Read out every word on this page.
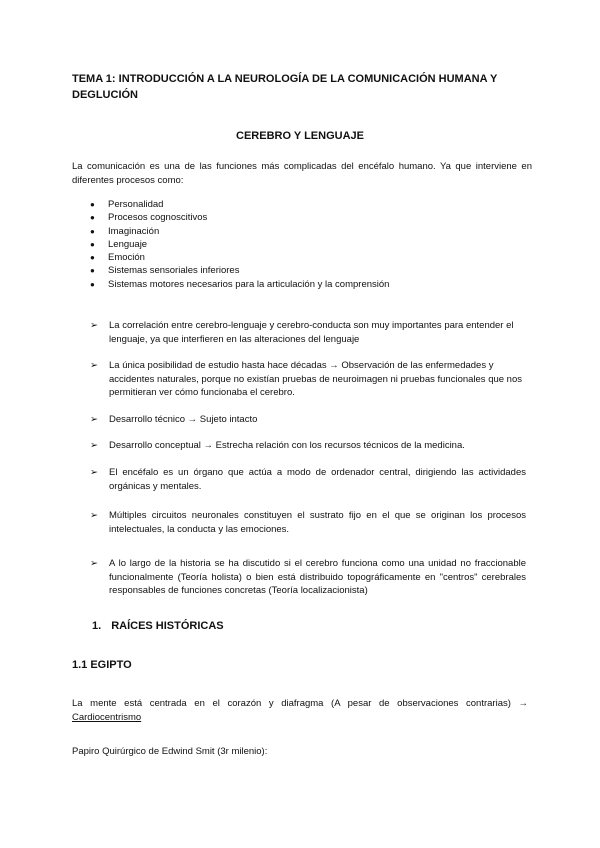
TEMA 1: INTRODUCCIÓN A LA NEUROLOGÍA DE LA COMUNICACIÓN HUMANA Y DEGLUCIÓN
CEREBRO Y LENGUAJE
La comunicación es una de las funciones más complicadas del encéfalo humano. Ya que interviene en diferentes procesos como:
● Personalidad
● Procesos cognoscitivos
● Imaginación
● Lenguaje
● Emoción
● Sistemas sensoriales inferiores
● Sistemas motores necesarios para la articulación y la comprensión
➢ La correlación entre cerebro-lenguaje y cerebro-conducta son muy importantes para entender el lenguaje, ya que interfieren en las alteraciones del lenguaje
➢ La única posibilidad de estudio hasta hace décadas → Observación de las enfermedades y accidentes naturales, porque no existían pruebas de neuroimagen ni pruebas funcionales que nos permitieran ver cómo funcionaba el cerebro.
➢ Desarrollo técnico → Sujeto intacto
➢ Desarrollo conceptual → Estrecha relación con los recursos técnicos de la medicina.
➢ El encéfalo es un órgano que actúa a modo de ordenador central, dirigiendo las actividades orgánicas y mentales.
➢ Múltiples circuitos neuronales constituyen el sustrato fijo en el que se originan los procesos intelectuales, la conducta y las emociones.
➢ A lo largo de la historia se ha discutido si el cerebro funciona como una unidad no fraccionable funcionalmente (Teoría holista) o bien está distribuido topográficamente en "centros" cerebrales responsables de funciones concretas (Teoría localizacionista)
1. RAÍCES HISTÓRICAS
1.1 EGIPTO
La mente está centrada en el corazón y diafragma (A pesar de observaciones contrarias) → Cardiocentrismo
Papiro Quirúrgico de Edwind Smit (3r milenio):
